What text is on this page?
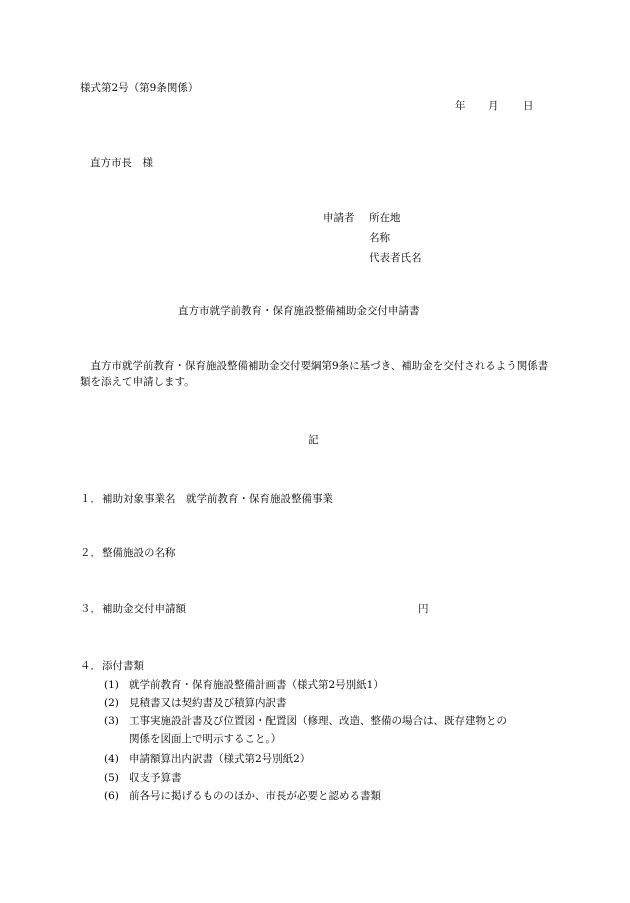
様式第2号（第9条関係）
年 月 日
直方市長　様
申請者	所在地
名称
代表者氏名
直方市就学前教育・保育施設整備補助金交付申請書
　直方市就学前教育・保育施設整備補助金交付要綱第9条に基づき、補助金を交付されるよう関係書類を添えて申請します。
記
１．補助対象事業名　就学前教育・保育施設整備事業
２．整備施設の名称
３．補助金交付申請額	円
４．添付書類
(1) 就学前教育・保育施設整備計画書（様式第2号別紙1）
(2) 見積書又は契約書及び積算内訳書
(3) 工事実施設計書及び位置図・配置図（修理、改造、整備の場合は、既存建物との
関係を図面上で明示すること。）
(4) 申請額算出内訳書（様式第2号別紙2）
(5) 収支予算書
(6) 前各号に掲げるもののほか、市長が必要と認める書類
